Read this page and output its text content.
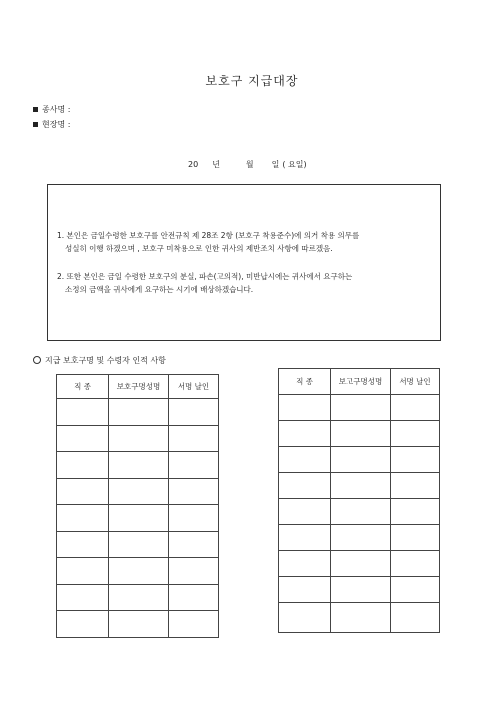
보호구 지급대장
종사명 :
현장명 :
20 년	월 일 ( 요일)
1. 본인은 금일수령한 보호구를 안전규칙 제 28조 2항 (보호구 착용준수)에 의거 착용 의무를
성실히 이행 하겠으며 , 보호구 미착용으로 인한 귀사의 제반조치 사항에 따르겠음.
2. 또한 본인은 금일 수령한 보호구의 분실, 파손(고의적), 미반납시에는 귀사에서 요구하는
소정의 금액을 귀사에게 요구하는 시기에 배상하겠습니다.
지급 보호구명 및 수령자 인적 사항
직 종	보호구명성명	서명 날인

직 종	보고구명성명	서명 날인
